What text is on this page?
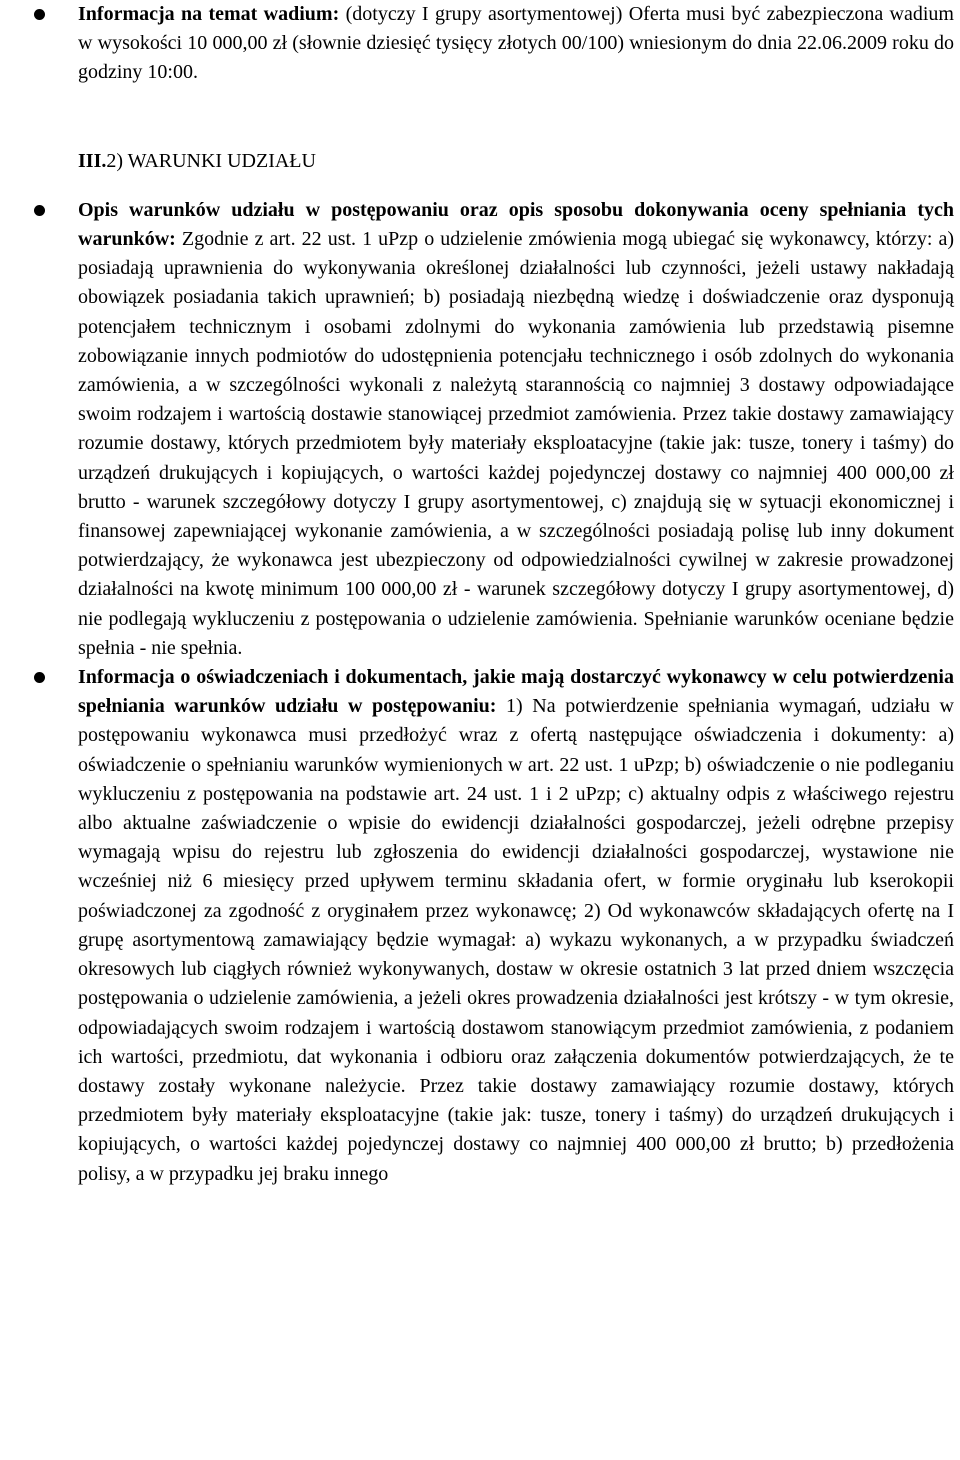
Informacja na temat wadium: (dotyczy I grupy asortymentowej) Oferta musi być zabezpieczona wadium w wysokości 10 000,00 zł (słownie dziesięć tysięcy złotych 00/100) wniesionym do dnia 22.06.2009 roku do godziny 10:00.
III.2) WARUNKI UDZIAŁU
Opis warunków udziału w postępowaniu oraz opis sposobu dokonywania oceny spełniania tych warunków: Zgodnie z art. 22 ust. 1 uPzp o udzielenie zmówienia mogą ubiegać się wykonawcy, którzy: a) posiadają uprawnienia do wykonywania określonej działalności lub czynności, jeżeli ustawy nakładają obowiązek posiadania takich uprawnień; b) posiadają niezbędną wiedzę i doświadczenie oraz dysponują potencjałem technicznym i osobami zdolnymi do wykonania zamówienia lub przedstawią pisemne zobowiązanie innych podmiotów do udostępnienia potencjału technicznego i osób zdolnych do wykonania zamówienia, a w szczególności wykonali z należytą starannością co najmniej 3 dostawy odpowiadające swoim rodzajem i wartością dostawie stanowiącej przedmiot zamówienia. Przez takie dostawy zamawiający rozumie dostawy, których przedmiotem były materiały eksploatacyjne (takie jak: tusze, tonery i taśmy) do urządzeń drukujących i kopiujących, o wartości każdej pojedynczej dostawy co najmniej 400 000,00 zł brutto - warunek szczegółowy dotyczy I grupy asortymentowej, c) znajdują się w sytuacji ekonomicznej i finansowej zapewniającej wykonanie zamówienia, a w szczególności posiadają polisę lub inny dokument potwierdzający, że wykonawca jest ubezpieczony od odpowiedzialności cywilnej w zakresie prowadzonej działalności na kwotę minimum 100 000,00 zł - warunek szczegółowy dotyczy I grupy asortymentowej, d) nie podlegają wykluczeniu z postępowania o udzielenie zamówienia. Spełnianie warunków oceniane będzie spełnia - nie spełnia.
Informacja o oświadczeniach i dokumentach, jakie mają dostarczyć wykonawcy w celu potwierdzenia spełniania warunków udziału w postępowaniu: 1) Na potwierdzenie spełniania wymagań, udziału w postępowaniu wykonawca musi przedłożyć wraz z ofertą następujące oświadczenia i dokumenty: a) oświadczenie o spełnianiu warunków wymienionych w art. 22 ust. 1 uPzp; b) oświadczenie o nie podleganiu wykluczeniu z postępowania na podstawie art. 24 ust. 1 i 2 uPzp; c) aktualny odpis z właściwego rejestru albo aktualne zaświadczenie o wpisie do ewidencji działalności gospodarczej, jeżeli odrębne przepisy wymagają wpisu do rejestru lub zgłoszenia do ewidencji działalności gospodarczej, wystawione nie wcześniej niż 6 miesięcy przed upływem terminu składania ofert, w formie oryginału lub kserokopii poświadczonej za zgodność z oryginałem przez wykonawcę; 2) Od wykonawców składających ofertę na I grupę asortymentową zamawiający będzie wymagał: a) wykazu wykonanych, a w przypadku świadczeń okresowych lub ciągłych również wykonywanych, dostaw w okresie ostatnich 3 lat przed dniem wszczęcia postępowania o udzielenie zamówienia, a jeżeli okres prowadzenia działalności jest krótszy - w tym okresie, odpowiadających swoim rodzajem i wartością dostawom stanowiącym przedmiot zamówienia, z podaniem ich wartości, przedmiotu, dat wykonania i odbioru oraz załączenia dokumentów potwierdzających, że te dostawy zostały wykonane należycie. Przez takie dostawy zamawiający rozumie dostawy, których przedmiotem były materiały eksploatacyjne (takie jak: tusze, tonery i taśmy) do urządzeń drukujących i kopiujących, o wartości każdej pojedynczej dostawy co najmniej 400 000,00 zł brutto; b) przedłożenia polisy, a w przypadku jej braku innego
